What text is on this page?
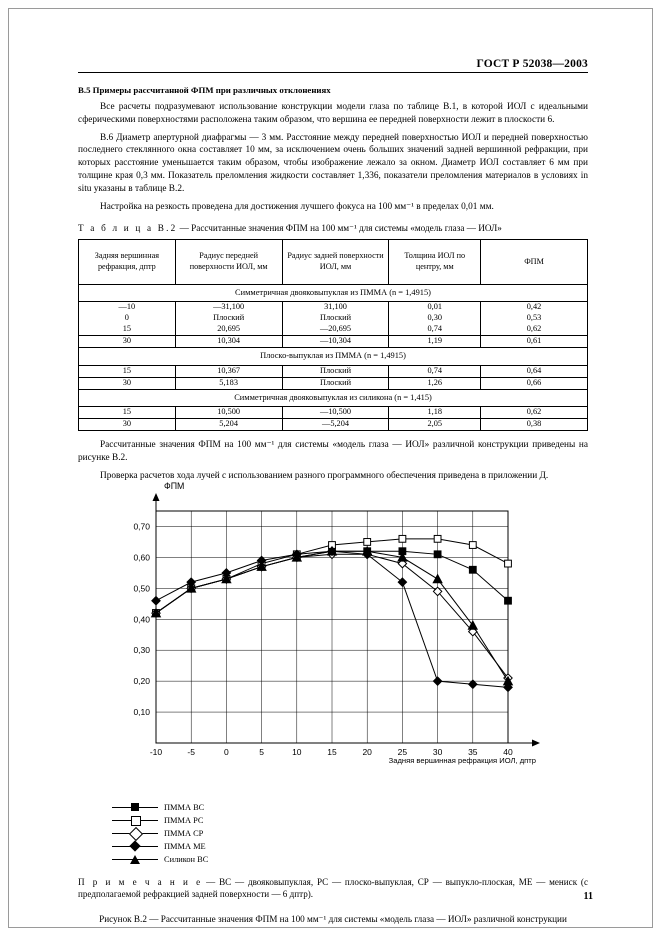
ГОСТ Р 52038—2003
В.5 Примеры рассчитанной ФПМ при различных отклонениях

Все расчеты подразумевают использование конструкции модели глаза по таблице В.1, в которой ИОЛ с идеальными сферическими поверхностями расположена таким образом, что вершина ее передней поверхности лежит в плоскости 6.

В.6 Диаметр апертурной диафрагмы — 3 мм. Расстояние между передней поверхностью ИОЛ и передней поверхностью последнего стеклянного окна составляет 10 мм, за исключением очень больших значений задней вершинной рефракции, при которых расстояние уменьшается таким образом, чтобы изображение лежало за окном. Диаметр ИОЛ составляет 6 мм при толщине края 0,3 мм. Показатель преломления жидкости составляет 1,336, показатели преломления материалов в условиях in situ указаны в таблице В.2.

Настройка на резкость проведена для достижения лучшего фокуса на 100 мм⁻¹ в пределах 0,01 мм.

Т а б л и ц а В.2 — Рассчитанные значения ФПМ на 100 мм⁻¹ для системы «модель глаза — ИОЛ»
Задняя вершинная рефракция, дптр	Радиус передней поверхности ИОЛ, мм	Радиус задней поверхности ИОЛ, мм	Толщина ИОЛ по центру, мм	ФПМ
Симметричная двояковыпуклая из ПММА (n = 1,4915)				
—10	—31,100	31,100	0,01	0,42
0	Плоский	Плоский	0,30	0,53
15	20,695	—20,695	0,74	0,62
30	10,304	—10,304	1,19	0,61
Плоско-выпуклая из ПММА (n = 1,4915)				
15	10,367	Плоский	0,74	0,64
30	5,183	Плоский	1,26	0,66
Симметричная двояковыпуклая из силикона (n = 1,415)				
15	10,500	—10,500	1,18	0,62
30	5,204	—5,204	2,05	0,38

Рассчитанные значения ФПМ на 100 мм⁻¹ для системы «модель глаза — ИОЛ» различной конструкции приведены на рисунке В.2.

Проверка расчетов хода лучей с использованием разного программного обеспечения приведена в приложении Д.

0,10
0,20
0,30
0,40
0,50
0,60
0,70
-10	-5	0	5	10	15	20	25	30	35	40
ФПМ
Задняя вершинная рефракция ИОЛ, дптр
ПММА ВС
ПММА РС
ПММА СР
ПММА МЕ
Силикон ВС

П р и м е ч а н и е — ВС — двояковыпуклая, РС — плоско-выпуклая, СР — выпукло-плоская, МЕ — мениск (с предполагаемой рефракцией задней поверхности — 6 дптр).

Рисунок В.2 — Рассчитанные значения ФПМ на 100 мм⁻¹ для системы «модель глаза — ИОЛ» различной конструкции

11
